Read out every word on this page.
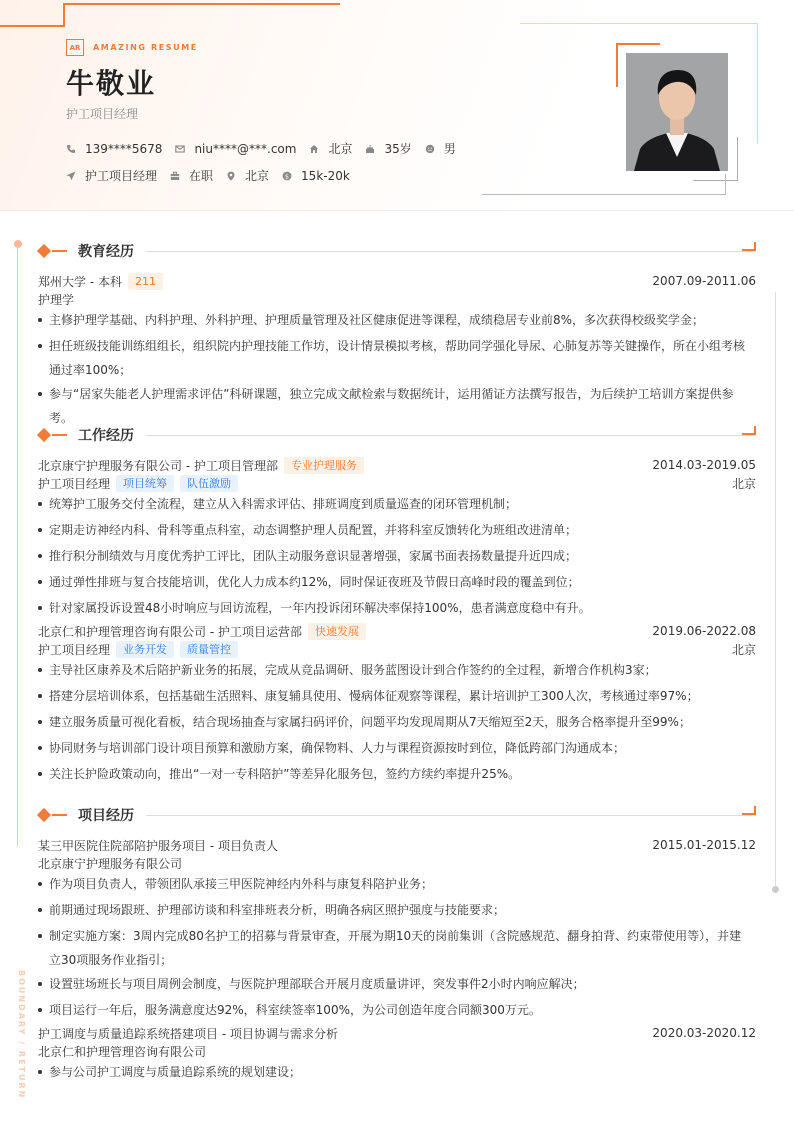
AR	AMAZING RESUME
牛敬业
护工项目经理
139****5678	niu****@***.com	北京	35岁	男
护工项目经理	在职	北京 $ 15k-20k
BOUNDARY / RETURN
教育经历
郑州大学 - 本科	211	2007.09-2011.06
护理学
主修护理学基础、内科护理、外科护理、护理质量管理及社区健康促进等课程，成绩稳居专业前8%，多次获得校级奖学金；
担任班级技能训练组组长，组织院内护理技能工作坊，设计情景模拟考核，帮助同学强化导尿、心肺复苏等关键操作，所在小组考核通过率100%；
参与“居家失能老人护理需求评估”科研课题，独立完成文献检索与数据统计，运用循证方法撰写报告，为后续护工培训方案提供参考。
工作经历
北京康宁护理服务有限公司 - 护工项目管理部	专业护理服务	2014.03-2019.05
护工项目经理	项目统筹	队伍激励	北京
统筹护工服务交付全流程，建立从入科需求评估、排班调度到质量巡查的闭环管理机制；
定期走访神经内科、骨科等重点科室，动态调整护理人员配置，并将科室反馈转化为班组改进清单；
推行积分制绩效与月度优秀护工评比，团队主动服务意识显著增强，家属书面表扬数量提升近四成；
通过弹性排班与复合技能培训，优化人力成本约12%，同时保证夜班及节假日高峰时段的覆盖到位；
针对家属投诉设置48小时响应与回访流程，一年内投诉闭环解决率保持100%，患者满意度稳中有升。
北京仁和护理管理咨询有限公司 - 护工项目运营部	快速发展	2019.06-2022.08
护工项目经理	业务开发	质量管控	北京
主导社区康养及术后陪护新业务的拓展，完成从竞品调研、服务蓝图设计到合作签约的全过程，新增合作机构3家；
搭建分层培训体系，包括基础生活照料、康复辅具使用、慢病体征观察等课程，累计培训护工300人次，考核通过率97%；
建立服务质量可视化看板，结合现场抽查与家属扫码评价，问题平均发现周期从7天缩短至2天，服务合格率提升至99%；
协同财务与培训部门设计项目预算和激励方案，确保物料、人力与课程资源按时到位，降低跨部门沟通成本；
关注长护险政策动向，推出“一对一专科陪护”等差异化服务包，签约方续约率提升25%。
项目经历
某三甲医院住院部陪护服务项目 - 项目负责人	2015.01-2015.12
北京康宁护理服务有限公司
作为项目负责人，带领团队承接三甲医院神经内外科与康复科陪护业务；
前期通过现场跟班、护理部访谈和科室排班表分析，明确各病区照护强度与技能要求；
制定实施方案：3周内完成80名护工的招募与背景审查，开展为期10天的岗前集训（含院感规范、翻身拍背、约束带使用等），并建立30项服务作业指引；
设置驻场班长与项目周例会制度，与医院护理部联合开展月度质量讲评，突发事件2小时内响应解决；
项目运行一年后，服务满意度达92%，科室续签率100%，为公司创造年度合同额300万元。
护工调度与质量追踪系统搭建项目 - 项目协调与需求分析	2020.03-2020.12
北京仁和护理管理咨询有限公司
参与公司护工调度与质量追踪系统的规划建设；
